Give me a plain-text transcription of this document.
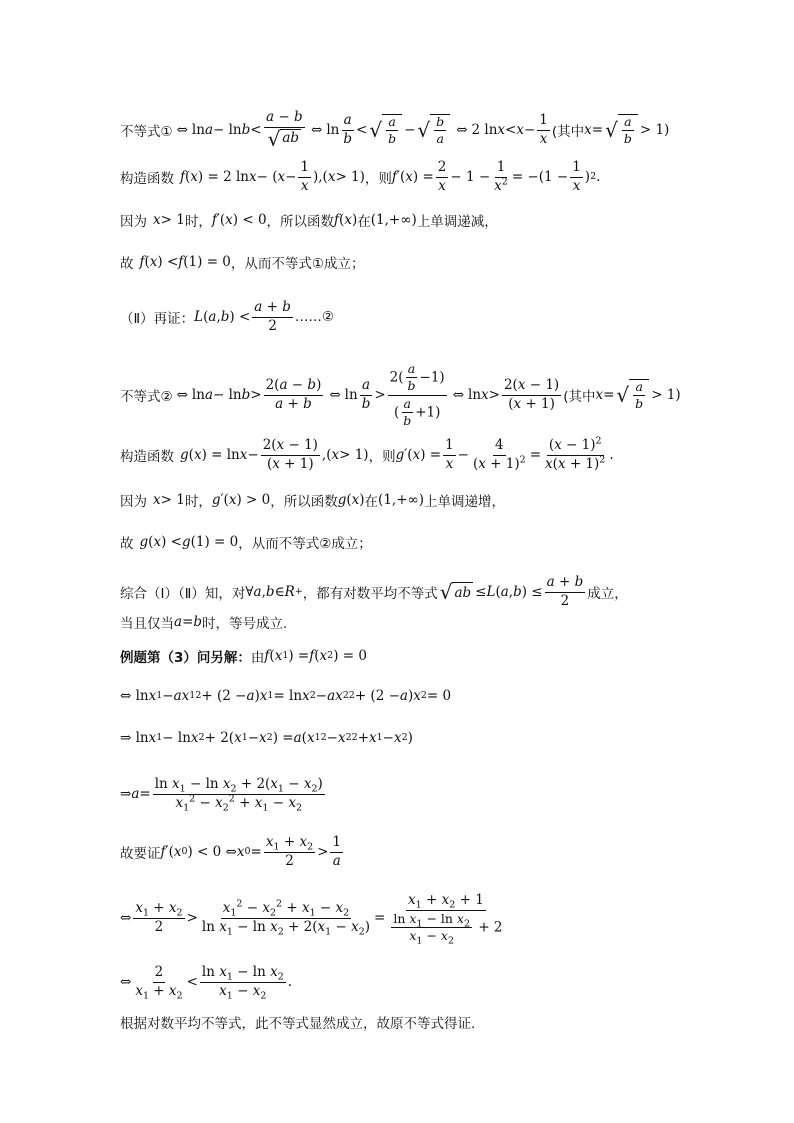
不等式① ⇔ $\ln a - \ln b < \frac{a - b}{√ ab}$ ⇔ $\ln \frac{a}{b}$ < √ $\frac{a}{b}$ − √ $\frac{b}{a}$ ⇔ 2 $\ln x < x - \frac{1}{x}$ (其中 x = √ $\frac{a}{b} > 1$)
构造函数 f ( x ) = 2 ln x − ( $x - \frac{1}{x}$ ),( x > 1) ，则 f ′( x ) = $\frac{2}{x} - 1 - \frac{1}{x^2} = -(1 - \frac{1}{x}$ ) 2 .
因为 x > 1 时， f ′( x ) < 0 ，所以函数 f ( x ) 在 (1,+∞) 上单调递减，
故 f ( x ) < f (1) = 0 ，从而不等式①成立；
（Ⅱ）再证： L ( a , b ) < $\frac{a + b}{2}$ ……②
不等式② ⇔ $\ln a - \ln b > \frac{2(a - b)}{a + b}$ ⇔ $\ln \frac{a}{b} > \frac{2( \frac{a}{b} -1)}{( \frac{a}{b} +1)}$ ⇔ $\ln x > \frac{2(x - 1)}{(x + 1)}$ (其中 x = √ $\frac{a}{b} > 1$)
构造函数 g ( x ) = $\ln x - \frac{2(x - 1)}{(x + 1)}$ ,( x > 1) ，则 g ′( x ) = $\frac{1}{x} - \frac{4}{(x + 1)^2} = \frac{(x - 1)^2}{x(x + 1)^2}$ .
因为 x > 1 时， g ′( x ) > 0 ，所以函数 g ( x ) 在 (1,+∞) 上单调递增，
故 g ( x ) < g (1) = 0 ，从而不等式②成立；
综合（Ⅰ）（Ⅱ）知，对 ∀ a , b ∈ R + ，都有对数平均不等式 √ ab ≤ L ( a , b ) ≤ $\frac{a + b}{2}$ 成立，
当且仅当 a = b 时，等号成立.
例题第（3）问另解： 由 f ( x 1 ) = f ( x 2 ) = 0
⇔ ln x 1 − ax 1 2 + (2 − a ) x 1 = ln x 2 − ax 2 2 + (2 − a ) x 2 = 0
⇒ ln x 1 − ln x 2 + 2( x 1 − x 2 ) = a ( x 1 2 − x 2 2 + x 1 − x 2 )
⇒ $a = \frac{\ln x_1 - \ln x_2 + 2(x_1 - x_2)}{x_1^2 - x_2^2 + x_1 - x_2}$
故要证 f ′( x 0 ) < 0 ⇔ x $0 = \frac{x_1 + x_2}{2} > \frac{1}{a}$
⇔ $\frac{x_1 + x_2}{2} > \frac{x_1^2 - x_2^2 + x_1 - x_2}{\ln x_1 - \ln x_2 + 2(x_1 - x_2)} = \frac{x_1 + x_2 + 1}{\frac{\ln x_1 - \ln x_2}{x_1 - x_2} + 2}$
⇔ $\frac{2}{x_1 + x_2} < \frac{\ln x_1 - \ln x_2}{x_1 - x_2}$ .
根据对数平均不等式，此不等式显然成立，故原不等式得证.
